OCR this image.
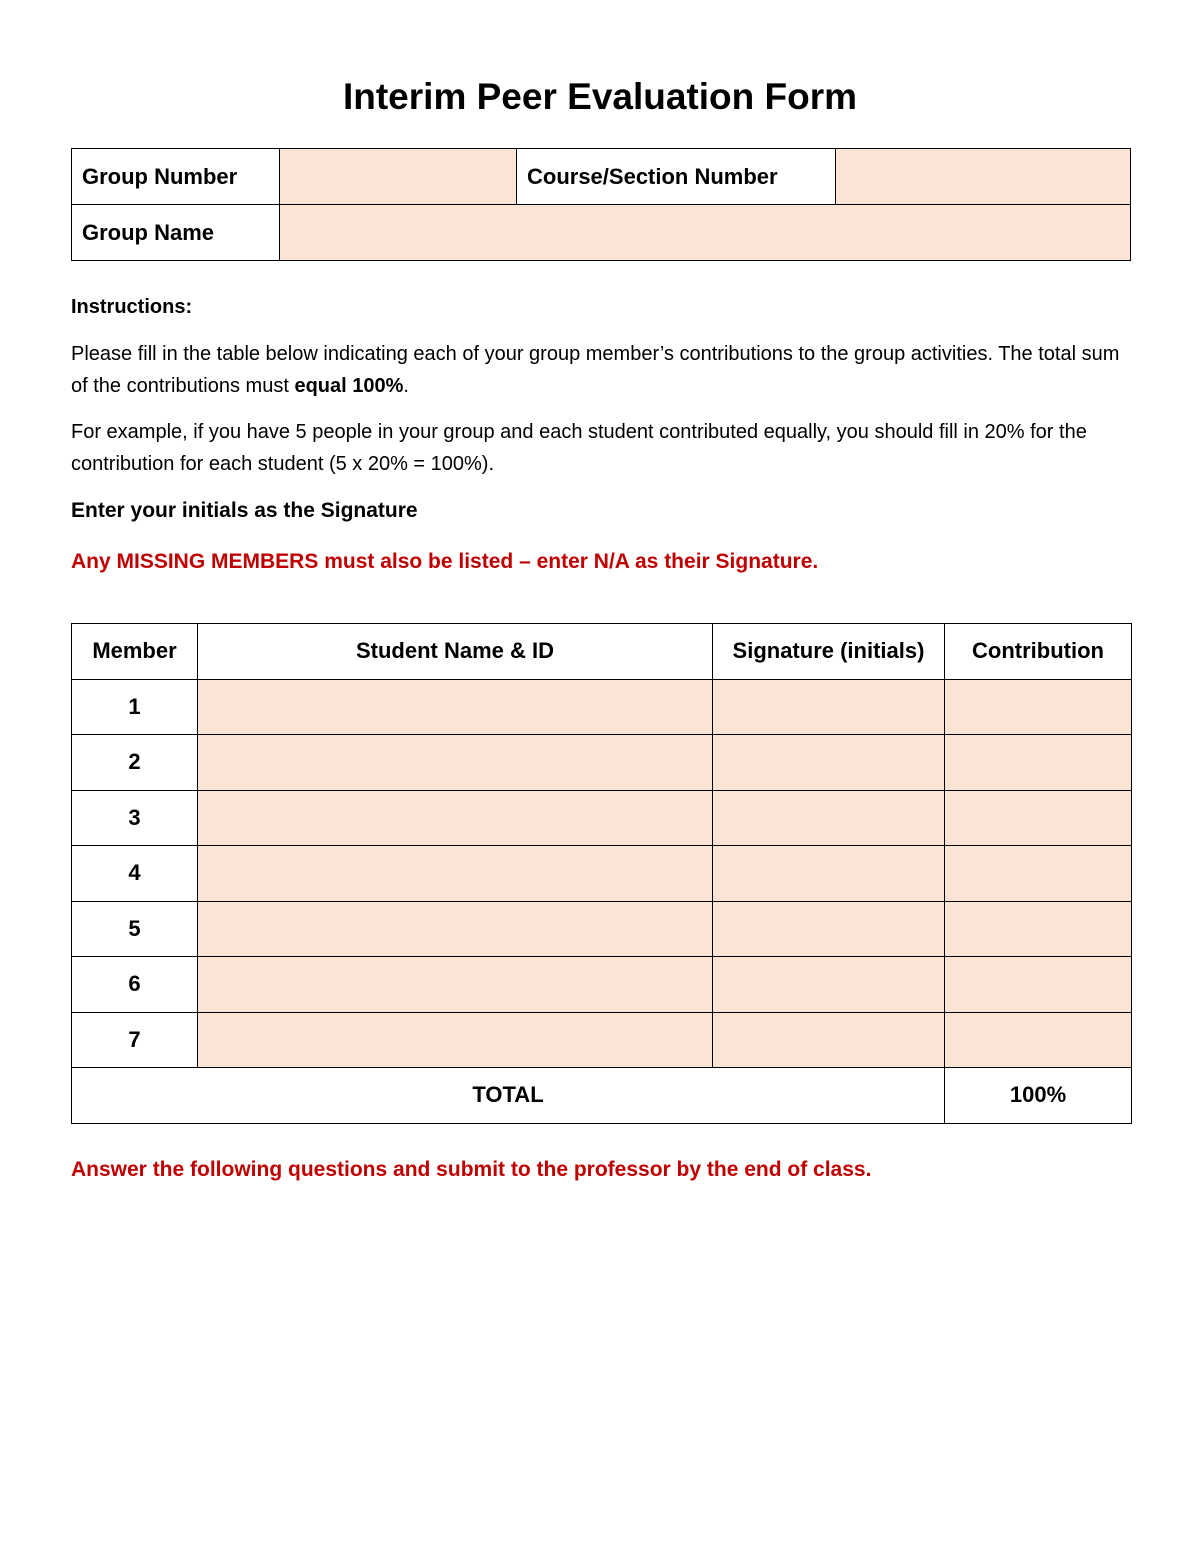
Interim Peer Evaluation Form
Group Number		Course/Section Number	
Group Name			

Instructions:

Please fill in the table below indicating each of your group member’s contributions to the group activities. The total sum of the contributions must equal 100%.

For example, if you have 5 people in your group and each student contributed equally, you should fill in 20% for the contribution for each student (5 x 20% = 100%).

Enter your initials as the Signature

Any MISSING MEMBERS must also be listed – enter N/A as their Signature.

Member	Student Name & ID	Signature (initials)	Contribution
1			
2			
3			
4			
5			
6			
7			
TOTAL			100%

Answer the following questions and submit to the professor by the end of class.
